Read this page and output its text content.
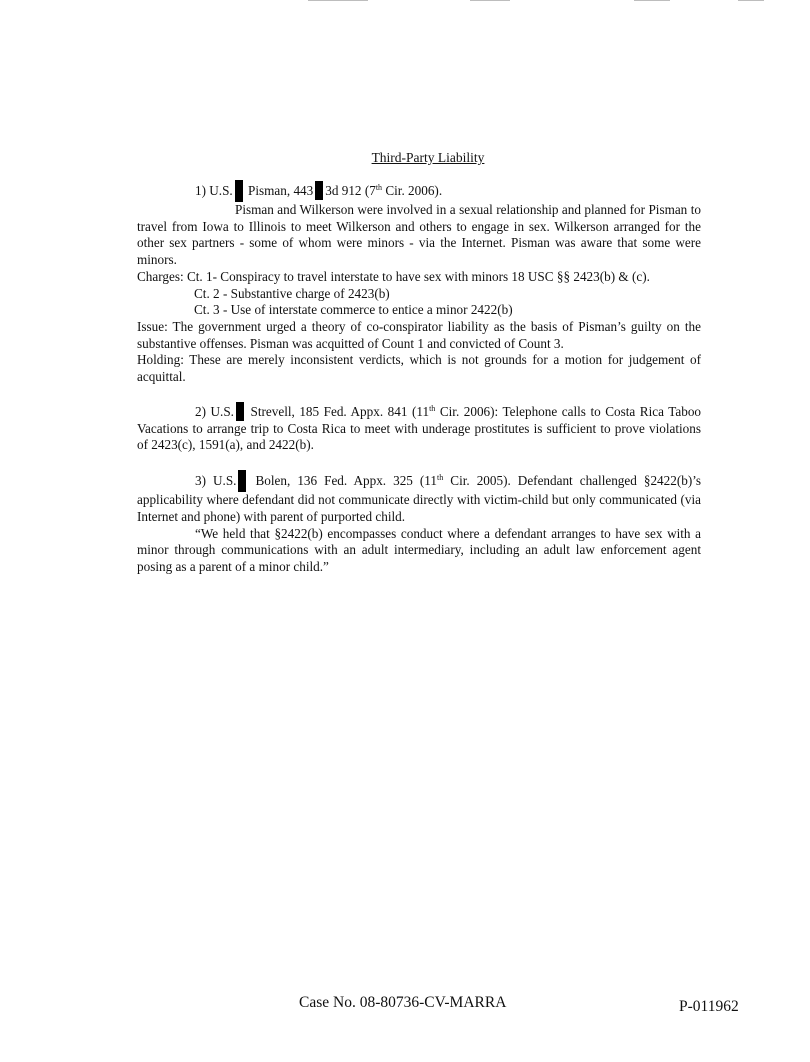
Third-Party Liability

1) U.S. Pisman, 443 3d 912 (7th Cir. 2006).

Pisman and Wilkerson were involved in a sexual relationship and planned for Pisman to travel from Iowa to Illinois to meet Wilkerson and others to engage in sex. Wilkerson arranged for the other sex partners - some of whom were minors - via the Internet. Pisman was aware that some were minors.

Charges: Ct. 1- Conspiracy to travel interstate to have sex with minors 18 USC §§ 2423(b) & (c).

Ct. 2 - Substantive charge of 2423(b)

Ct. 3 - Use of interstate commerce to entice a minor 2422(b)

Issue: The government urged a theory of co-conspirator liability as the basis of Pisman’s guilty on the substantive offenses. Pisman was acquitted of Count 1 and convicted of Count 3.

Holding: These are merely inconsistent verdicts, which is not grounds for a motion for judgement of acquittal.

2) U.S. Strevell, 185 Fed. Appx. 841 (11th Cir. 2006): Telephone calls to Costa Rica Taboo Vacations to arrange trip to Costa Rica to meet with underage prostitutes is sufficient to prove violations of 2423(c), 1591(a), and 2422(b).

3) U.S. Bolen, 136 Fed. Appx. 325 (11th Cir. 2005). Defendant challenged §2422(b)’s applicability where defendant did not communicate directly with victim-child but only communicated (via Internet and phone) with parent of purported child.

“We held that §2422(b) encompasses conduct where a defendant arranges to have sex with a minor through communications with an adult intermediary, including an adult law enforcement agent posing as a parent of a minor child.”

Case No. 08-80736-CV-MARRA	P-011962
